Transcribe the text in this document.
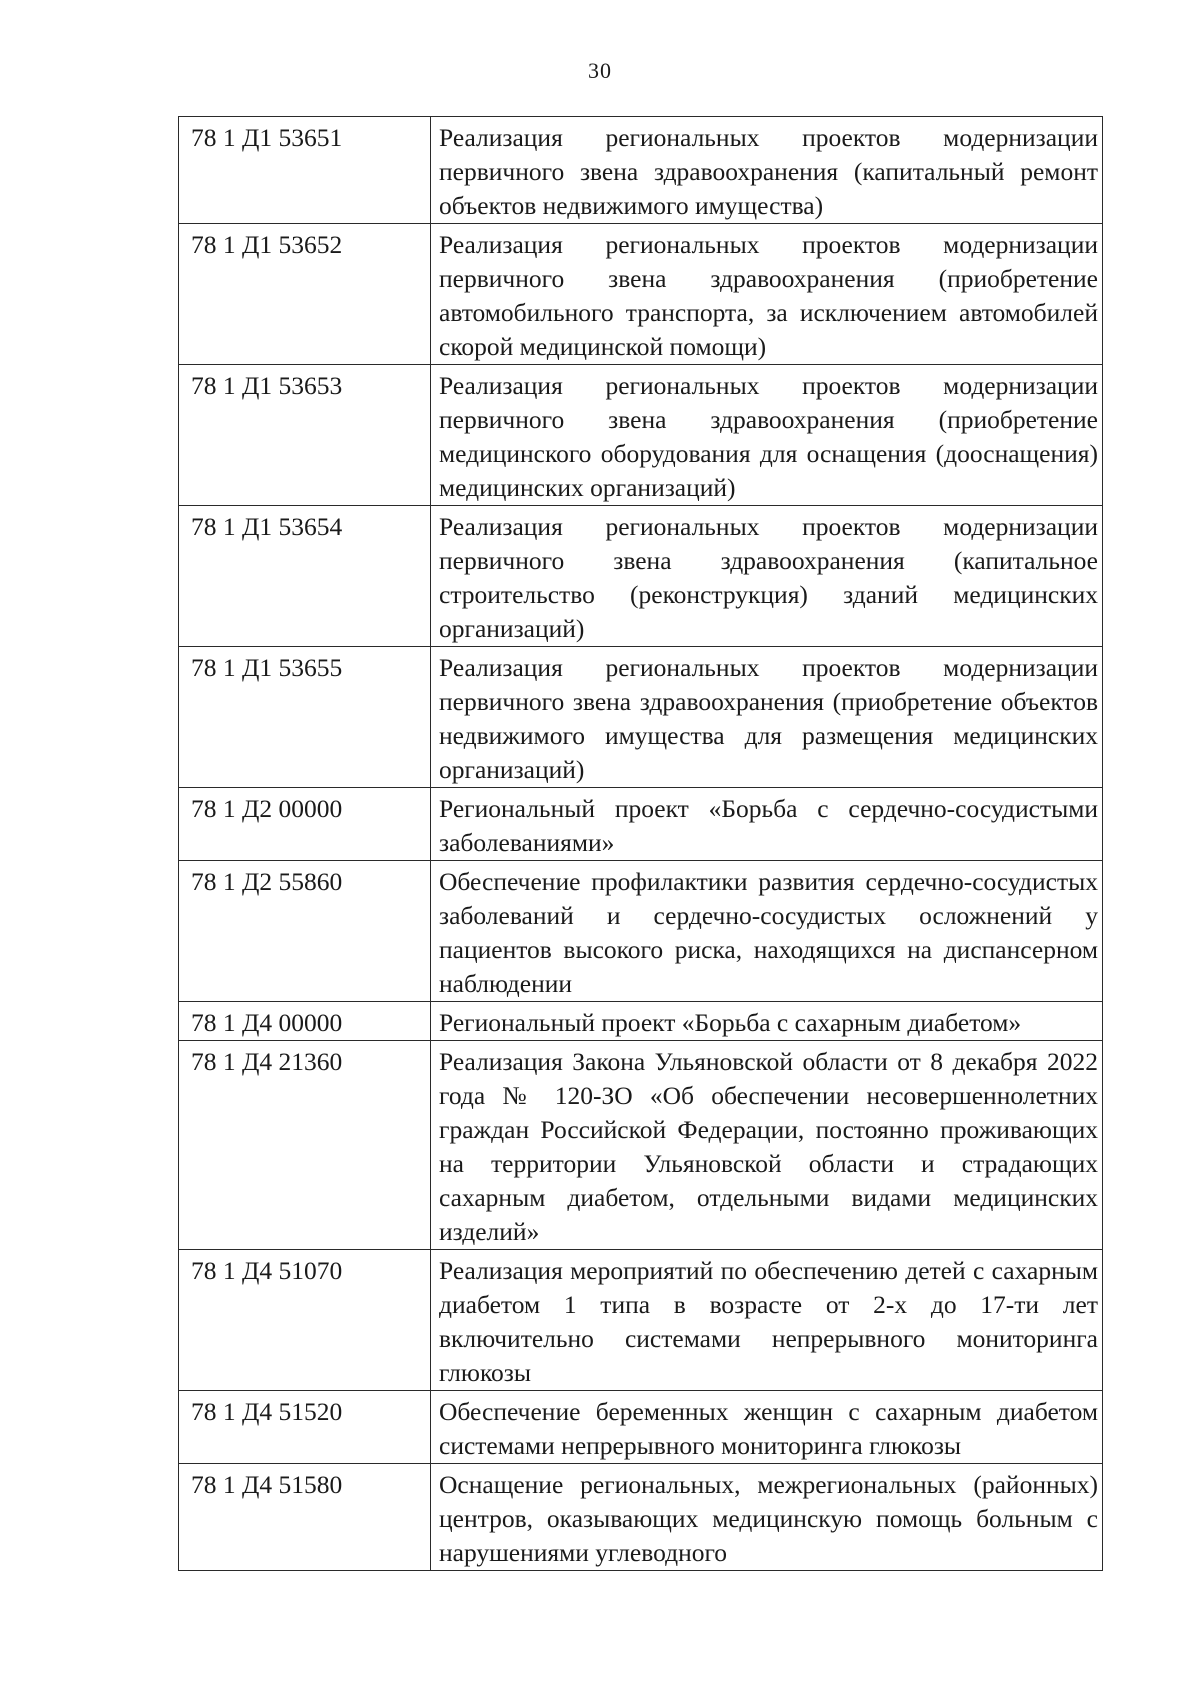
30
78 1 Д1 53651	Реализация региональных проектов модернизации первичного звена здравоохранения (капитальный ремонт объектов недвижимого имущества)
78 1 Д1 53652	Реализация региональных проектов модернизации первичного звена здравоохранения (приобретение автомобильного транспорта, за исключением автомобилей скорой медицинской помощи)
78 1 Д1 53653	Реализация региональных проектов модернизации первичного звена здравоохранения (приобретение медицинского оборудования для оснащения (дооснащения) медицинских организаций)
78 1 Д1 53654	Реализация региональных проектов модернизации первичного звена здравоохранения (капитальное строительство (реконструкция) зданий медицинских организаций)
78 1 Д1 53655	Реализация региональных проектов модернизации первичного звена здравоохранения (приобретение объектов недвижимого имущества для размещения медицинских организаций)
78 1 Д2 00000	Региональный проект «Борьба с сердечно-сосудистыми заболеваниями»
78 1 Д2 55860	Обеспечение профилактики развития сердечно-сосудистых заболеваний и сердечно-сосудистых осложнений у пациентов высокого риска, находящихся на диспансерном наблюдении
78 1 Д4 00000	Региональный проект «Борьба с сахарным диабетом»
78 1 Д4 21360	Реализация Закона Ульяновской области от 8 декабря 2022 года № 120-ЗО «Об обеспечении несовершеннолетних граждан Российской Федерации, постоянно проживающих на территории Ульяновской области и страдающих сахарным диабетом, отдельными видами медицинских изделий»
78 1 Д4 51070	Реализация мероприятий по обеспечению детей с сахарным диабетом 1 типа в возрасте от 2-х до 17-ти лет включительно системами непрерывного мониторинга глюкозы
78 1 Д4 51520	Обеспечение беременных женщин с сахарным диабетом системами непрерывного мониторинга глюкозы
78 1 Д4 51580	Оснащение региональных, межрегиональных (районных) центров, оказывающих медицинскую помощь больным с нарушениями углеводного
